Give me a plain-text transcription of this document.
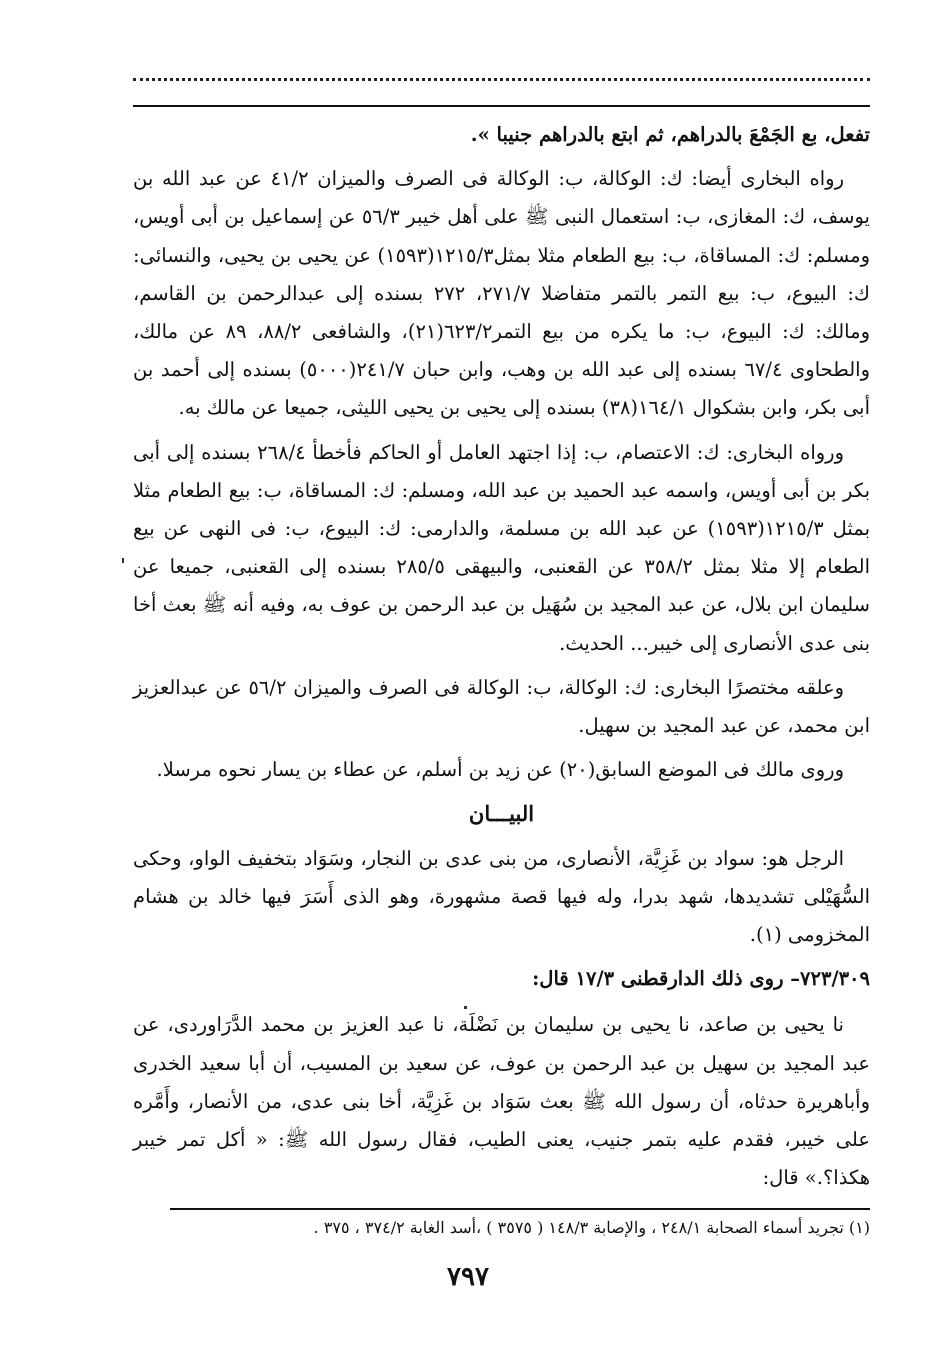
تفعل، بع الجَمْعَ بالدراهم، ثم ابتع بالدراهم جنيبا ».

رواه البخارى أيضا: ك: الوكالة، ب: الوكالة فى الصرف والميزان ٤١/٢ عن عبد الله بن يوسف، ك: المغازى، ب: استعمال النبى ﷺ على أهل خيبر ٥٦/٣ عن إسماعيل بن أبى أويس، ومسلم: ك: المساقاة، ب: بيع الطعام مثلا بمثل١٢١٥/٣(١٥٩٣) عن يحيى بن يحيى، والنسائى: ك: البيوع، ب: بيع التمر بالتمر متفاضلا ٢٧١/٧، ٢٧٢ بسنده إلى عبدالرحمن بن القاسم، ومالك: ك: البيوع، ب: ما يكره من بيع التمر٦٢٣/٢(٢١)، والشافعى ٨٨/٢، ٨٩ عن مالك، والطحاوى ٦٧/٤ بسنده إلى عبد الله بن وهب، وابن حبان ٢٤١/٧(٥٠٠٠) بسنده إلى أحمد بن أبى بكر، وابن بشكوال ١٦٤/١(٣٨) بسنده إلى يحيى بن يحيى الليثى، جميعا عن مالك به.

ورواه البخارى: ك: الاعتصام، ب: إذا اجتهد العامل أو الحاكم فأخطأ ٢٦٨/٤ بسنده إلى أبى بكر بن أبى أويس، واسمه عبد الحميد بن عبد الله، ومسلم: ك: المساقاة، ب: بيع الطعام مثلا بمثل ١٢١٥/٣(١٥٩٣) عن عبد الله بن مسلمة، والدارمى: ك: البيوع، ب: فى النهى عن بيع الطعام إلا مثلا بمثل ٣٥٨/٢ عن القعنبى، والبيهقى ٢٨٥/٥ بسنده إلى القعنبى، جميعا عن سليمان ابن بلال، عن عبد المجيد بن سُهَيل بن عبد الرحمن بن عوف به، وفيه أنه ﷺ بعث أخا بنى عدى الأنصارى إلى خيبر... الحديث.

وعلقه مختصرًا البخارى: ك: الوكالة، ب: الوكالة فى الصرف والميزان ٥٦/٢ عن عبدالعزيز ابن محمد، عن عبد المجيد بن سهيل.

وروى مالك فى الموضع السابق(٢٠) عن زيد بن أسلم، عن عطاء بن يسار نحوه مرسلا.

البيـــان

الرجل هو: سواد بن غَزِيَّة، الأنصارى، من بنى عدى بن النجار، وسَوَاد بتخفيف الواو، وحكى السُّهَيْلى تشديدها، شهد بدرا، وله فيها قصة مشهورة، وهو الذى أَسَرَ فيها خالد بن هشام المخزومى (١).

٧٢٣/٣٠٩– روى ذلك الدارقطنى ١٧/٣ قال:

نا يحيى بن صاعد، نا يحيى بن سليمان بن نَضْلَة، نا عبد العزيز بن محمد الدَّرَاوردى، عن عبد المجيد بن سهيل بن عبد الرحمن بن عوف، عن سعيد بن المسيب، أن أبا سعيد الخدرى وأباهريرة حدثاه، أن رسول الله ﷺ بعث سَوَاد بن غَزِيَّة، أخا بنى عدى، من الأنصار، وأَمَّره على خيبر، فقدم عليه بتمر جنيب، يعنى الطيب، فقال رسول الله ﷺ: « أكل تمر خيبر هكذا؟.» قال:

(١) تجريد أسماء الصحابة ٢٤٨/١ ، والإصابة ١٤٨/٣ ( ٣٥٧٥ ) ،أسد الغابة ٣٧٤/٢ ، ٣٧٥ .
٧٩٧
